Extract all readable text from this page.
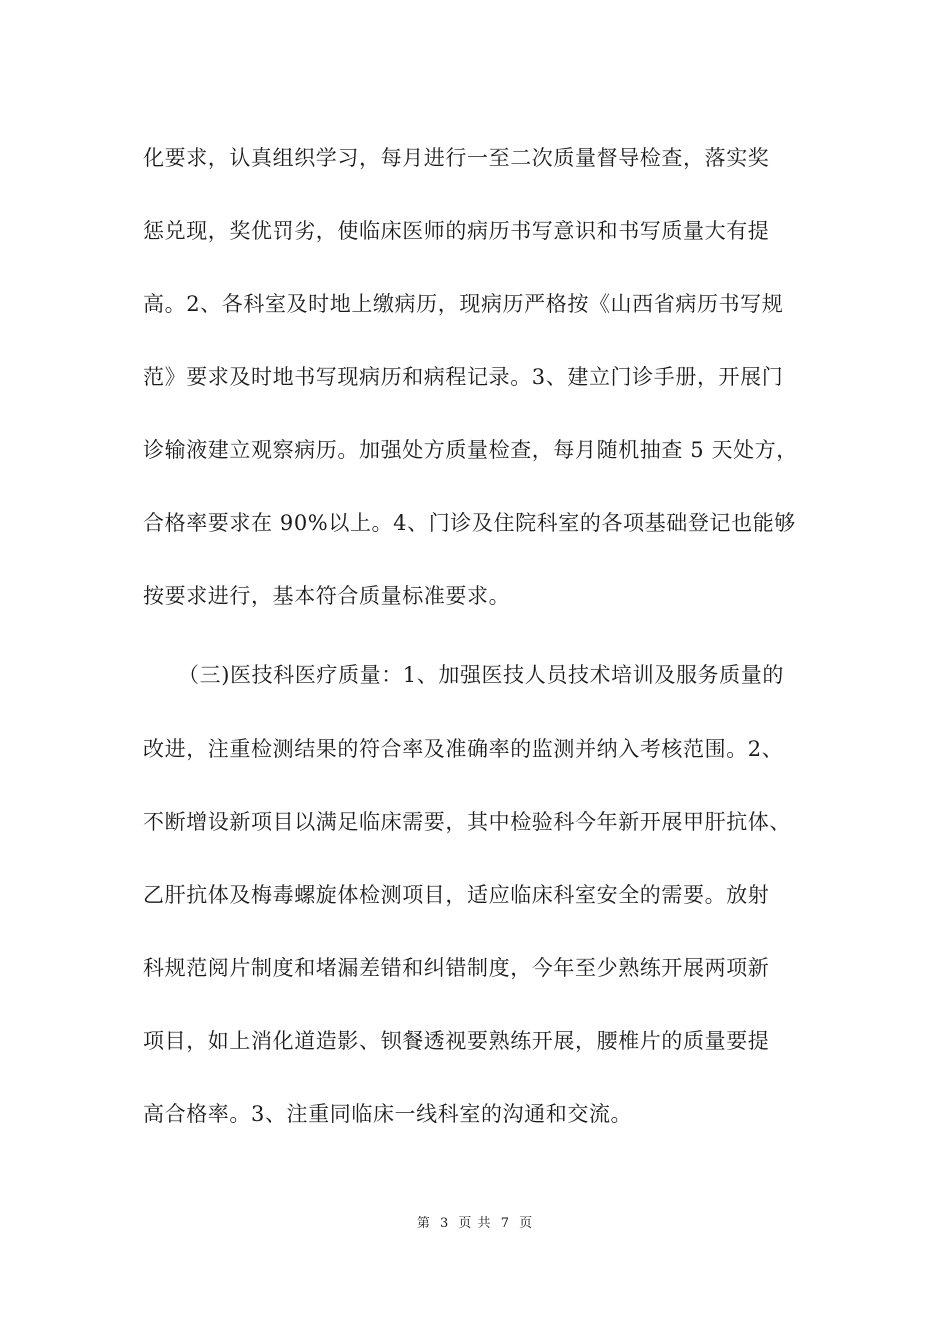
化要求，认真组织学习，每月进行一至二次质量督导检查，落实奖
惩兑现，奖优罚劣，使临床医师的病历书写意识和书写质量大有提
高。2、各科室及时地上缴病历，现病历严格按《山西省病历书写规
范》要求及时地书写现病历和病程记录。3、建立门诊手册，开展门
诊输液建立观察病历。加强处方质量检查，每月随机抽查 5 天处方，
合格率要求在 90%以上。4、门诊及住院科室的各项基础登记也能够
按要求进行，基本符合质量标准要求。
（三)医技科医疗质量：1、加强医技人员技术培训及服务质量的
改进，注重检测结果的符合率及准确率的监测并纳入考核范围。2、
不断增设新项目以满足临床需要，其中检验科今年新开展甲肝抗体、
乙肝抗体及梅毒螺旋体检测项目，适应临床科室安全的需要。放射
科规范阅片制度和堵漏差错和纠错制度，今年至少熟练开展两项新
项目，如上消化道造影、钡餐透视要熟练开展，腰椎片的质量要提
高合格率。3、注重同临床一线科室的沟通和交流。
第 3 页 共 7 页
